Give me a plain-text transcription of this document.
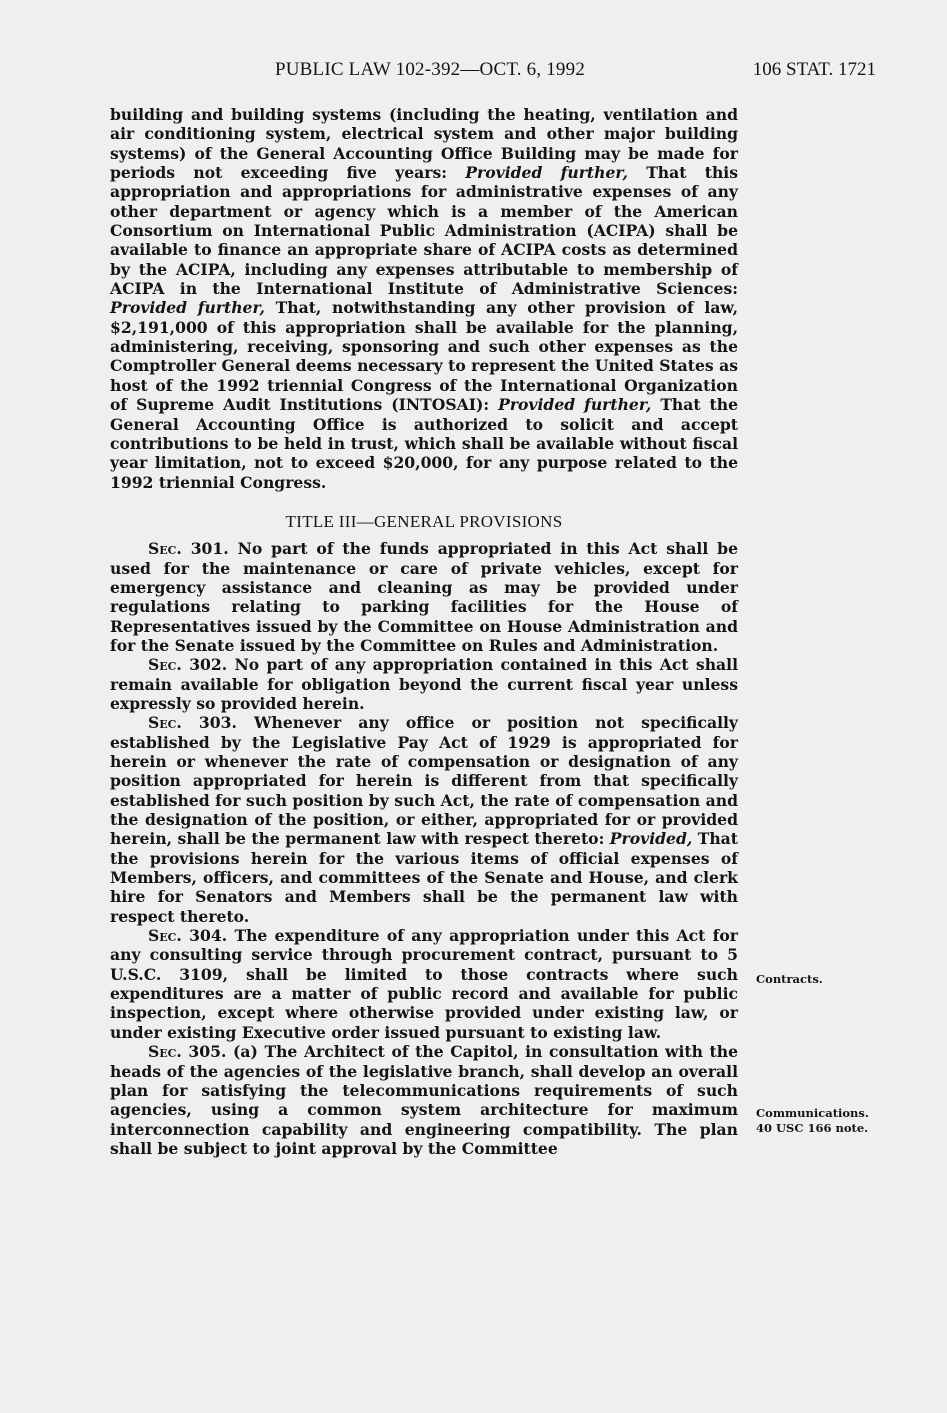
PUBLIC LAW 102-392—OCT. 6, 1992	106 STAT. 1721

building and building systems (including the heating, ventilation and air conditioning system, electrical system and other major building systems) of the General Accounting Office Building may be made for periods not exceeding five years: Provided further, That this appropriation and appropriations for administrative expenses of any other department or agency which is a member of the American Consortium on International Public Administration (ACIPA) shall be available to finance an appropriate share of ACIPA costs as determined by the ACIPA, including any expenses attributable to membership of ACIPA in the International Institute of Administrative Sciences: Provided further, That, notwithstanding any other provision of law, $2,191,000 of this appropriation shall be available for the planning, administering, receiving, sponsoring and such other expenses as the Comptroller General deems necessary to represent the United States as host of the 1992 triennial Congress of the International Organization of Supreme Audit Institutions (INTOSAI): Provided further, That the General Accounting Office is authorized to solicit and accept contributions to be held in trust, which shall be available without fiscal year limitation, not to exceed $20,000, for any purpose related to the 1992 triennial Congress.

TITLE III—GENERAL PROVISIONS

Sec. 301. No part of the funds appropriated in this Act shall be used for the maintenance or care of private vehicles, except for emergency assistance and cleaning as may be provided under regulations relating to parking facilities for the House of Representatives issued by the Committee on House Administration and for the Senate issued by the Committee on Rules and Administration.

Sec. 302. No part of any appropriation contained in this Act shall remain available for obligation beyond the current fiscal year unless expressly so provided herein.

Sec. 303. Whenever any office or position not specifically established by the Legislative Pay Act of 1929 is appropriated for herein or whenever the rate of compensation or designation of any position appropriated for herein is different from that specifically established for such position by such Act, the rate of compensation and the designation of the position, or either, appropriated for or provided herein, shall be the permanent law with respect thereto: Provided, That the provisions herein for the various items of official expenses of Members, officers, and committees of the Senate and House, and clerk hire for Senators and Members shall be the permanent law with respect thereto.

Sec. 304. The expenditure of any appropriation under this Act for any consulting service through procurement contract, pursuant to 5 U.S.C. 3109, shall be limited to those contracts where such expenditures are a matter of public record and available for public inspection, except where otherwise provided under existing law, or under existing Executive order issued pursuant to existing law.

Sec. 305. (a) The Architect of the Capitol, in consultation with the heads of the agencies of the legislative branch, shall develop an overall plan for satisfying the telecommunications requirements of such agencies, using a common system architecture for maximum interconnection capability and engineering compatibility. The plan shall be subject to joint approval by the Committee

Contracts.
Communications.
40 USC 166 note.
